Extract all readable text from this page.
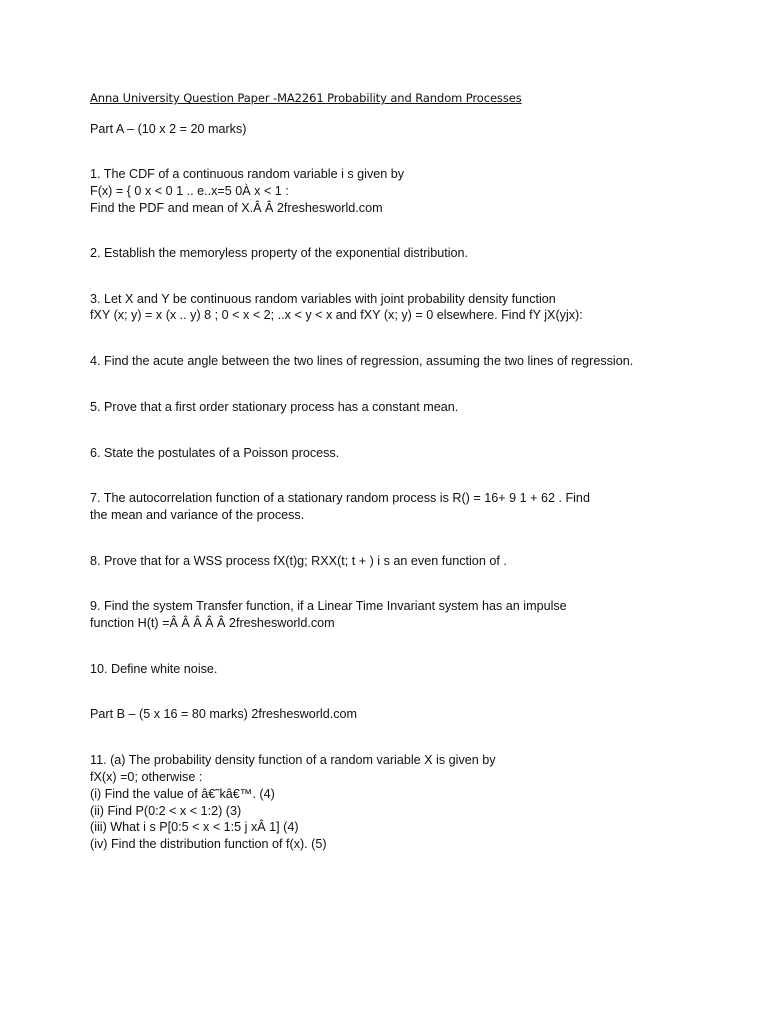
Anna University Question Paper -MA2261 Probability and Random Processes
Part A – (10 x 2 = 20 marks)
1. The CDF of a continuous random variable i s given by
F(x) = { 0 x < 0 1 .. e..x=5 0À x < 1 :
Find the PDF and mean of X.Â Â 2freshesworld.com
2. Establish the memoryless property of the exponential distribution.
3. Let X and Y be continuous random variables with joint probability density function
fXY (x; y) = x (x .. y) 8 ; 0 < x < 2; ..x < y < x and fXY (x; y) = 0 elsewhere. Find fY jX(yjx):
4. Find the acute angle between the two lines of regression, assuming the two lines of regression.
5. Prove that a first order stationary process has a constant mean.
6. State the postulates of a Poisson process.
7. The autocorrelation function of a stationary random process is R() = 16+ 9 1 + 62 . Find
the mean and variance of the process.
8. Prove that for a WSS process fX(t)g; RXX(t; t + ) i s an even function of .
9. Find the system Transfer function, if a Linear Time Invariant system has an impulse
function H(t) =Â Â Â Â Â 2freshesworld.com
10. Define white noise.
Part B – (5 x 16 = 80 marks) 2freshesworld.com
11. (a) The probability density function of a random variable X is given by
fX(x) =0; otherwise :
(i) Find the value of â€˜kâ€™. (4)
(ii) Find P(0:2 < x < 1:2) (3)
(iii) What i s P[0:5 < x < 1:5 j xÂ 1] (4)
(iv) Find the distribution function of f(x). (5)
